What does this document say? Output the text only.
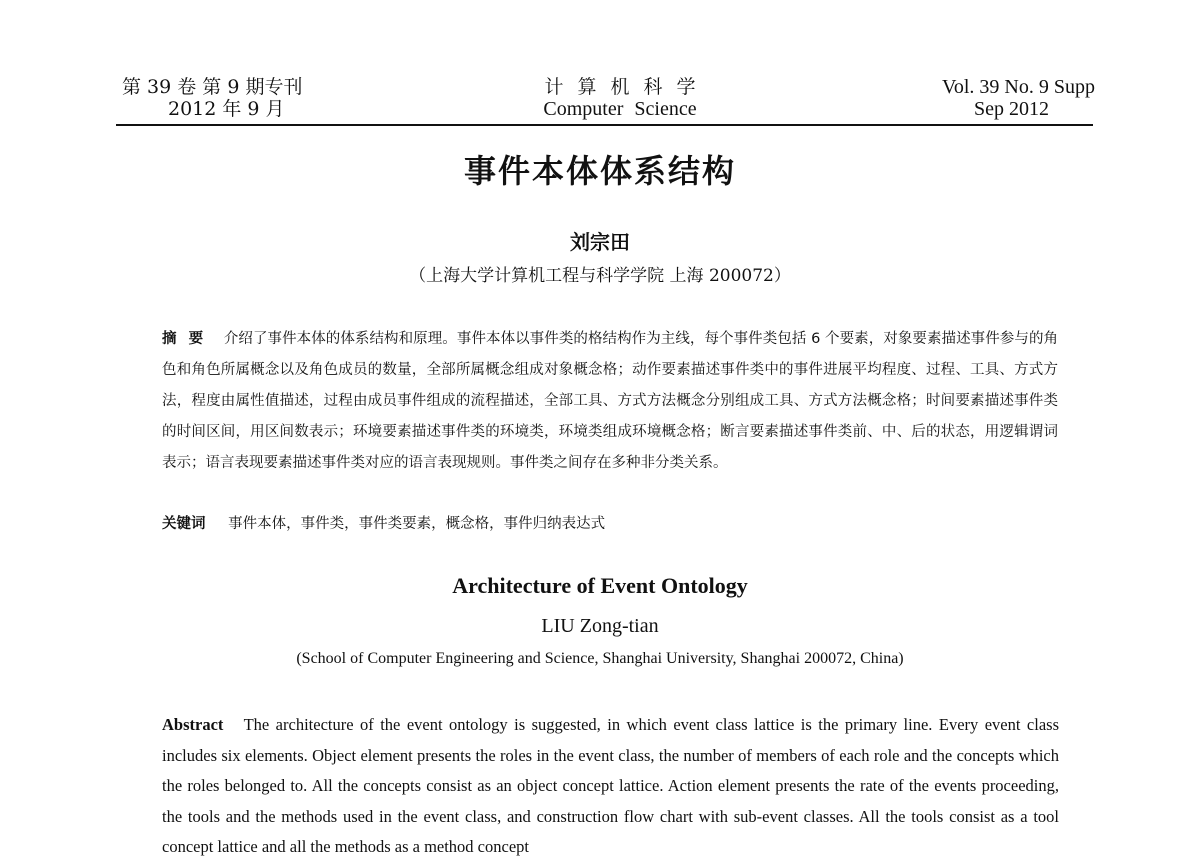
第 39 卷 第 9 期专刊
2012 年 9 月
计算机科学
Computer Science
Vol. 39 No. 9 Supp
Sep 2012
事件本体体系结构
刘宗田
（上海大学计算机工程与科学学院 上海 200072）
摘要 介绍了事件本体的体系结构和原理。事件本体以事件类的格结构作为主线，每个事件类包括 6 个要素，对象要素描述事件参与的角色和角色所属概念以及角色成员的数量，全部所属概念组成对象概念格；动作要素描述事件类中的事件进展平均程度、过程、工具、方式方法，程度由属性值描述，过程由成员事件组成的流程描述，全部工具、方式方法概念分别组成工具、方式方法概念格；时间要素描述事件类的时间区间，用区间数表示；环境要素描述事件类的环境类，环境类组成环境概念格；断言要素描述事件类前、中、后的状态，用逻辑谓词表示；语言表现要素描述事件类对应的语言表现规则。事件类之间存在多种非分类关系。
关键词 事件本体，事件类，事件类要素，概念格，事件归纳表达式
Architecture of Event Ontology
LIU Zong-tian
(School of Computer Engineering and Science, Shanghai University, Shanghai 200072, China)
Abstract The architecture of the event ontology is suggested, in which event class lattice is the primary line. Every event class includes six elements. Object element presents the roles in the event class, the number of members of each role and the concepts which the roles belonged to. All the concepts consist as an object concept lattice. Action element presents the rate of the events proceeding, the tools and the methods used in the event class, and construction flow chart with sub-event classes. All the tools consist as a tool concept lattice and all the methods as a method concept
